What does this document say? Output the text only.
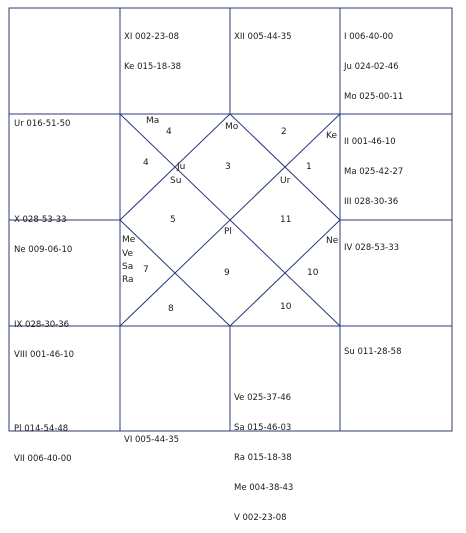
Ur 016-51-50

XI 002-23-08

Ke 015-18-38

XII 005-44-35

	I 006-40-00

Ju 024-02-46

Mo 025-00-11

X 028-53-33

Ne 009-06-10

II 001-46-10

Ma 025-42-27

III 028-30-36

IX 028-30-36

VIII 001-46-10

IV 028-53-33

Pl 014-54-48

VII 006-40-00

VI 005-44-35

Ve 025-37-46

Sa 015-46-03

Ra 015-18-38

Me 004-38-43

V 002-23-08

Su 011-28-58

Ma
4	Mo	2	Ke
4	Ju	3	1
Su	Ur
5	11
Pl
Me
Ve
Ne
Sa 7	9	10
Ra
8	10
